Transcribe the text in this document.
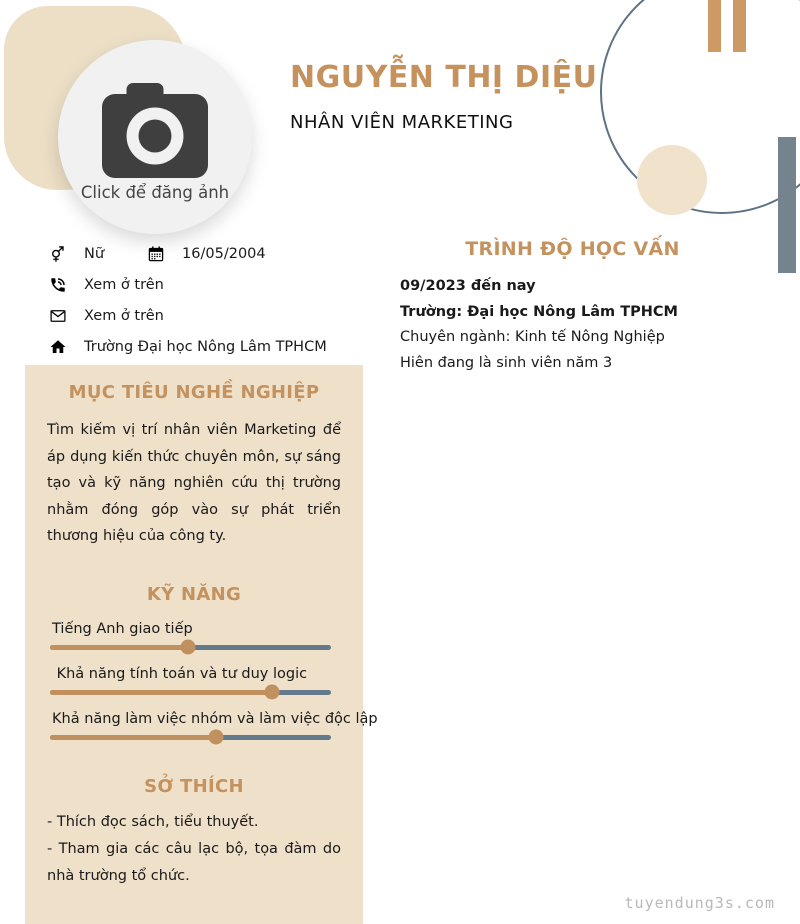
Click để đăng ảnh
NGUYỄN THỊ DIỆU
NHÂN VIÊN MARKETING
Nữ	16/05/2004
Xem ở trên
Xem ở trên
Trường Đại học Nông Lâm TPHCM
TRÌNH ĐỘ HỌC VẤN
09/2023 đến nay
Trường: Đại học Nông Lâm TPHCM
Chuyên ngành: Kinh tế Nông Nghiệp
Hiên đang là sinh viên năm 3
MỤC TIÊU NGHỀ NGHIỆP
Tìm kiếm vị trí nhân viên Marketing để áp dụng kiến thức chuyên môn, sự sáng tạo và kỹ năng nghiên cứu thị trường nhằm đóng góp vào sự phát triển thương hiệu của công ty.
KỸ NĂNG
Tiếng Anh giao tiếp
Khả năng tính toán và tư duy logic
Khả năng làm việc nhóm và làm việc độc lập
SỞ THÍCH
- Thích đọc sách, tiểu thuyết.
- Tham gia các câu lạc bộ, tọa đàm do nhà trường tổ chức.
tuyendung3s.com
